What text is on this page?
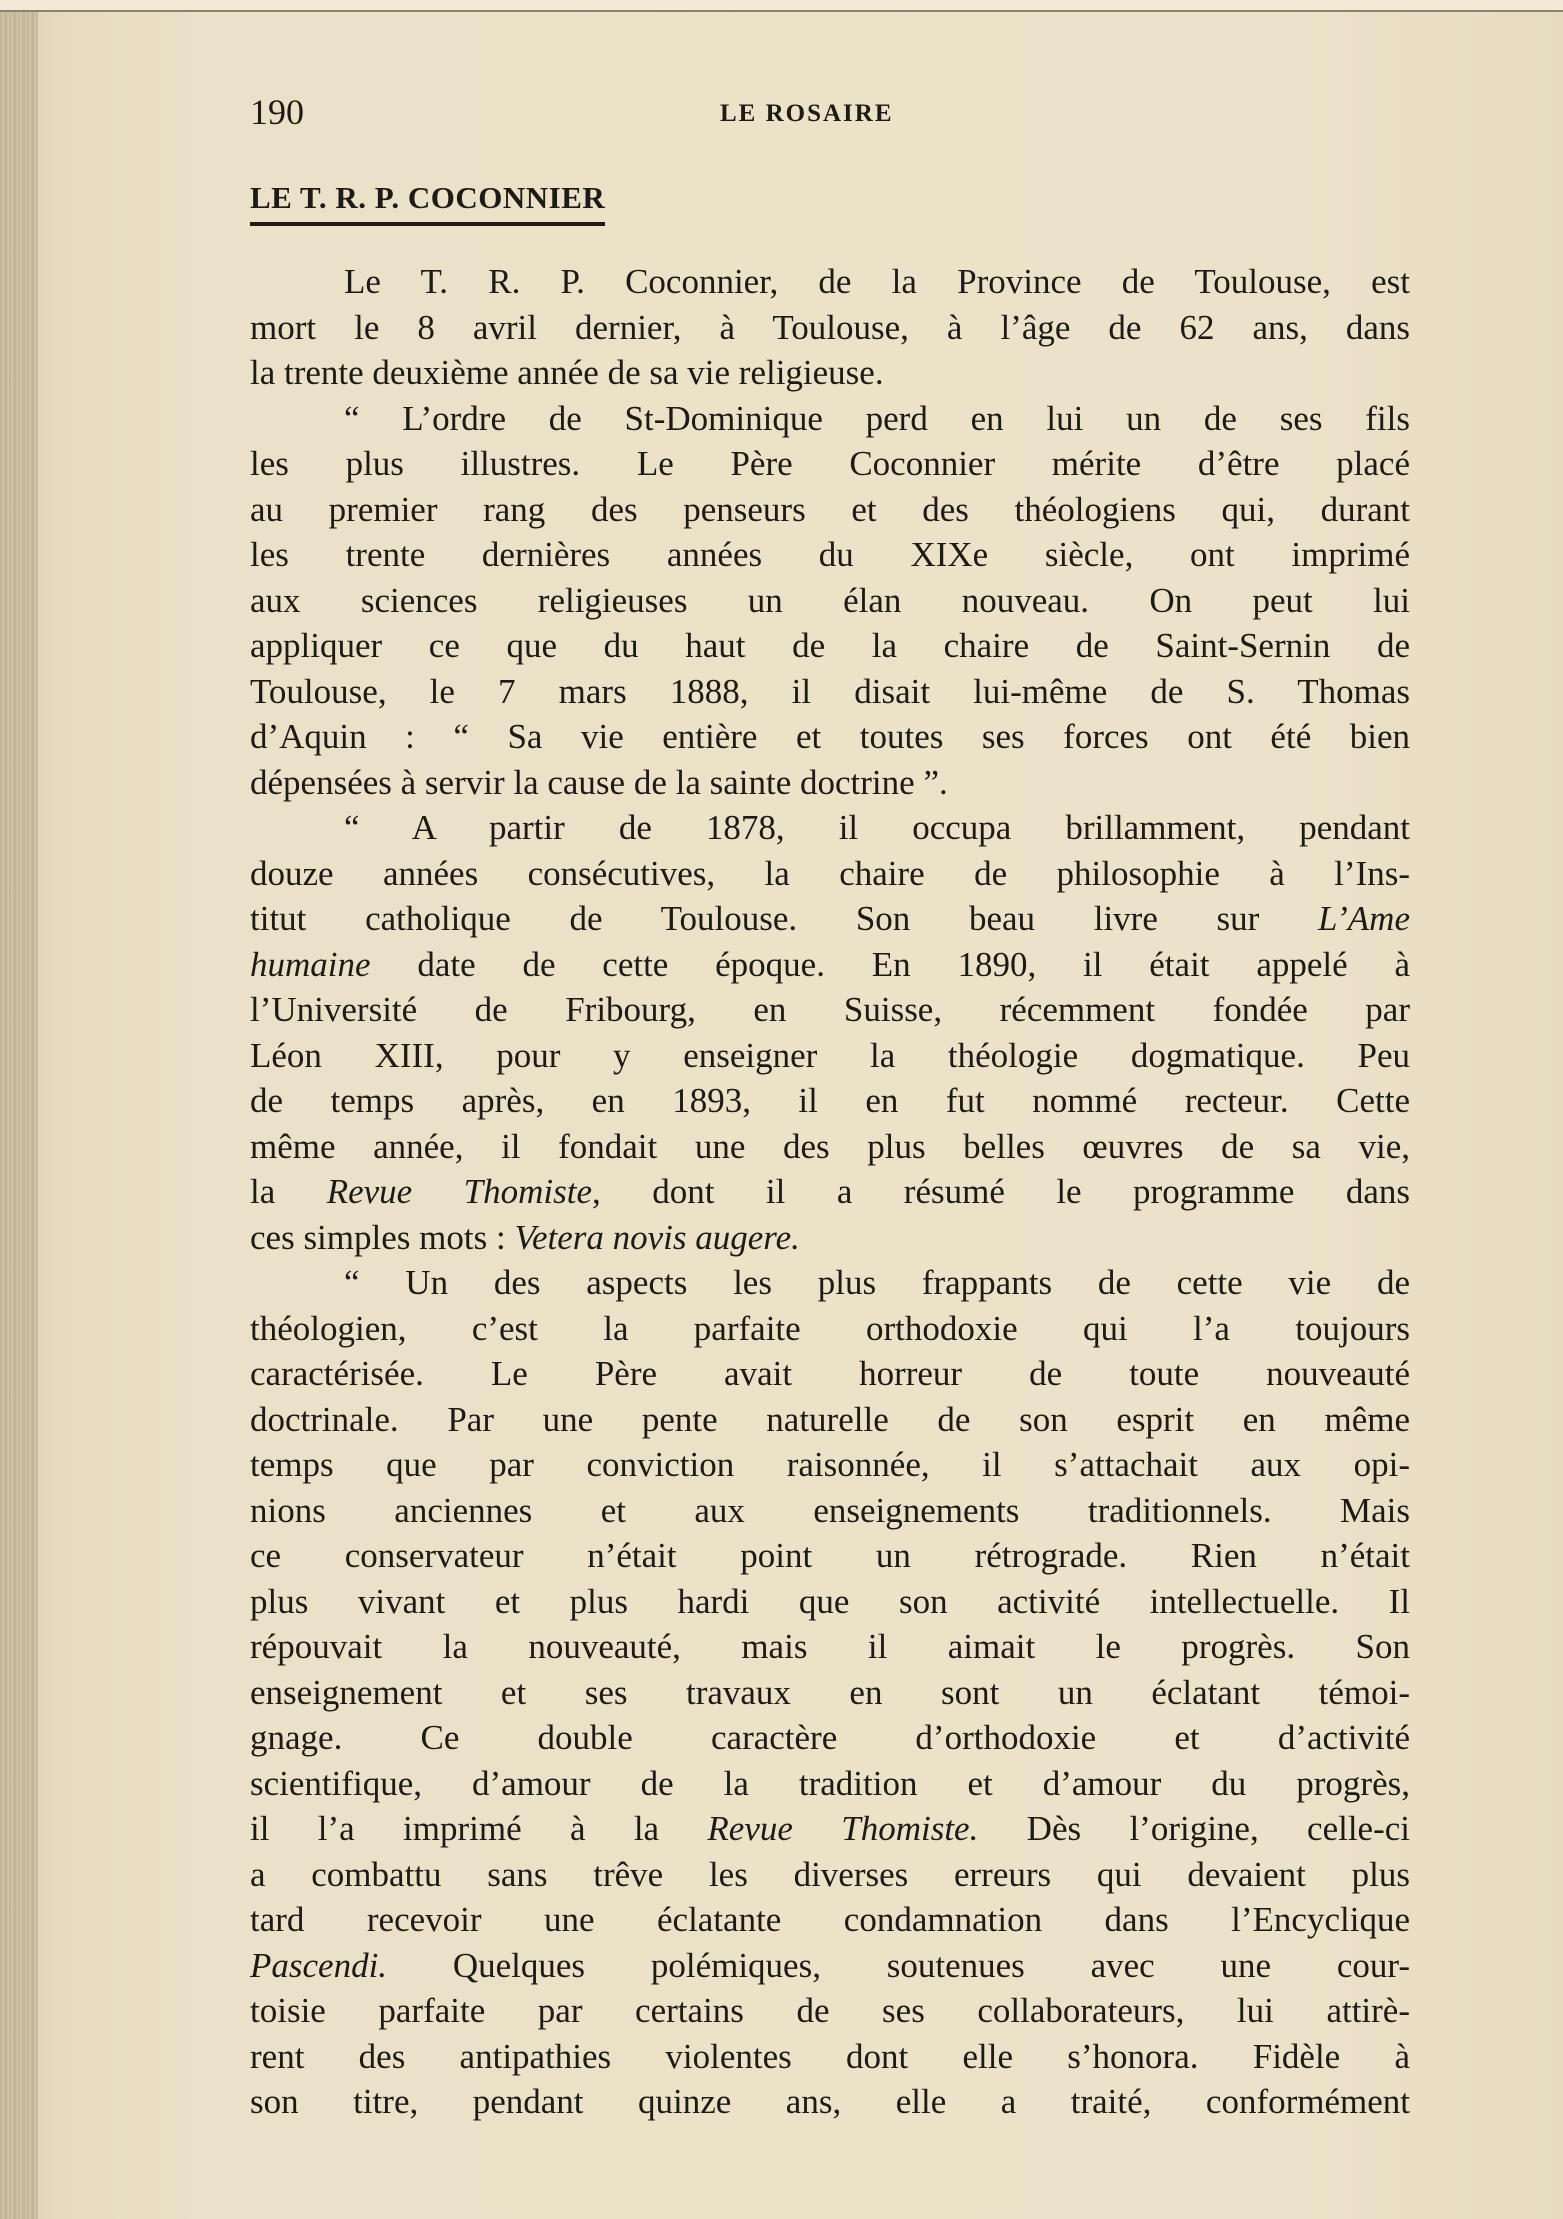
190	LE ROSAIRE
LE T. R. P. COCONNIER
Le T. R. P. Coconnier, de la Province de Toulouse, est
mort le 8 avril dernier, à Toulouse, à l’âge de 62 ans, dans
la trente deuxième année de sa vie religieuse.
“ L’ordre de St-Dominique perd en lui un de ses fils
les plus illustres. Le Père Coconnier mérite d’être placé
au premier rang des penseurs et des théologiens qui, durant
les trente dernières années du XIXe siècle, ont imprimé
aux sciences religieuses un élan nouveau. On peut lui
appliquer ce que du haut de la chaire de Saint-Sernin de
Toulouse, le 7 mars 1888, il disait lui-même de S. Thomas
d’Aquin : “ Sa vie entière et toutes ses forces ont été bien
dépensées à servir la cause de la sainte doctrine ”.
“ A partir de 1878, il occupa brillamment, pendant
douze années consécutives, la chaire de philosophie à l’Ins-
titut catholique de Toulouse. Son beau livre sur L’Ame
humaine date de cette époque. En 1890, il était appelé à
l’Université de Fribourg, en Suisse, récemment fondée par
Léon XIII, pour y enseigner la théologie dogmatique. Peu
de temps après, en 1893, il en fut nommé recteur. Cette
même année, il fondait une des plus belles œuvres de sa vie,
la Revue Thomiste, dont il a résumé le programme dans
ces simples mots : Vetera novis augere.
“ Un des aspects les plus frappants de cette vie de
théologien, c’est la parfaite orthodoxie qui l’a toujours
caractérisée. Le Père avait horreur de toute nouveauté
doctrinale. Par une pente naturelle de son esprit en même
temps que par conviction raisonnée, il s’attachait aux opi-
nions anciennes et aux enseignements traditionnels. Mais
ce conservateur n’était point un rétrograde. Rien n’était
plus vivant et plus hardi que son activité intellectuelle. Il
répouvait la nouveauté, mais il aimait le progrès. Son
enseignement et ses travaux en sont un éclatant témoi-
gnage. Ce double caractère d’orthodoxie et d’activité
scientifique, d’amour de la tradition et d’amour du progrès,
il l’a imprimé à la Revue Thomiste. Dès l’origine, celle-ci
a combattu sans trêve les diverses erreurs qui devaient plus
tard recevoir une éclatante condamnation dans l’Encyclique
Pascendi. Quelques polémiques, soutenues avec une cour-
toisie parfaite par certains de ses collaborateurs, lui attirè-
rent des antipathies violentes dont elle s’honora. Fidèle à
son titre, pendant quinze ans, elle a traité, conformément
